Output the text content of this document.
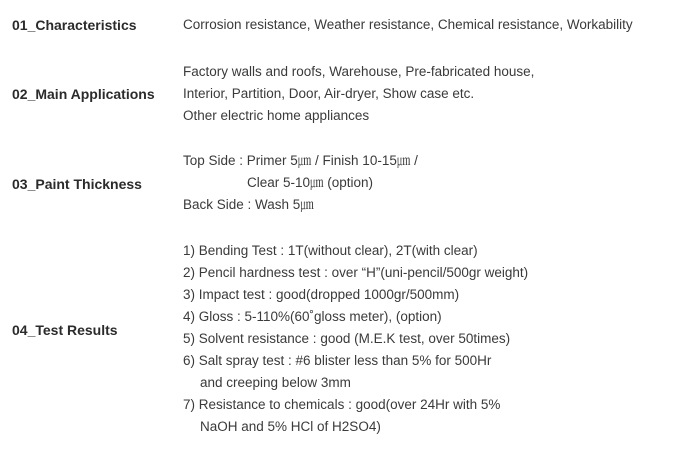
01_Characteristics	Corrosion resistance, Weather resistance, Chemical resistance, Workability
02_Main Applications
Factory walls and roofs, Warehouse, Pre-fabricated house,
Interior, Partition, Door, Air-dryer, Show case etc.
Other electric home appliances
03_Paint Thickness
Top Side : Primer 5㎛ / Finish 10-15㎛ /
Clear 5-10㎛ (option)
Back Side : Wash 5㎛
04_Test Results
1) Bending Test : 1T(without clear), 2T(with clear)
2) Pencil hardness test : over “H”(uni-pencil/500gr weight)
3) Impact test : good(dropped 1000gr/500mm)
4) Gloss : 5-110%(60˚gloss meter), (option)
5) Solvent resistance : good (M.E.K test, over 50times)
6) Salt spray test : #6 blister less than 5% for 500Hr
and creeping below 3mm
7) Resistance to chemicals : good(over 24Hr with 5%
NaOH and 5% HCl of H2SO4)
